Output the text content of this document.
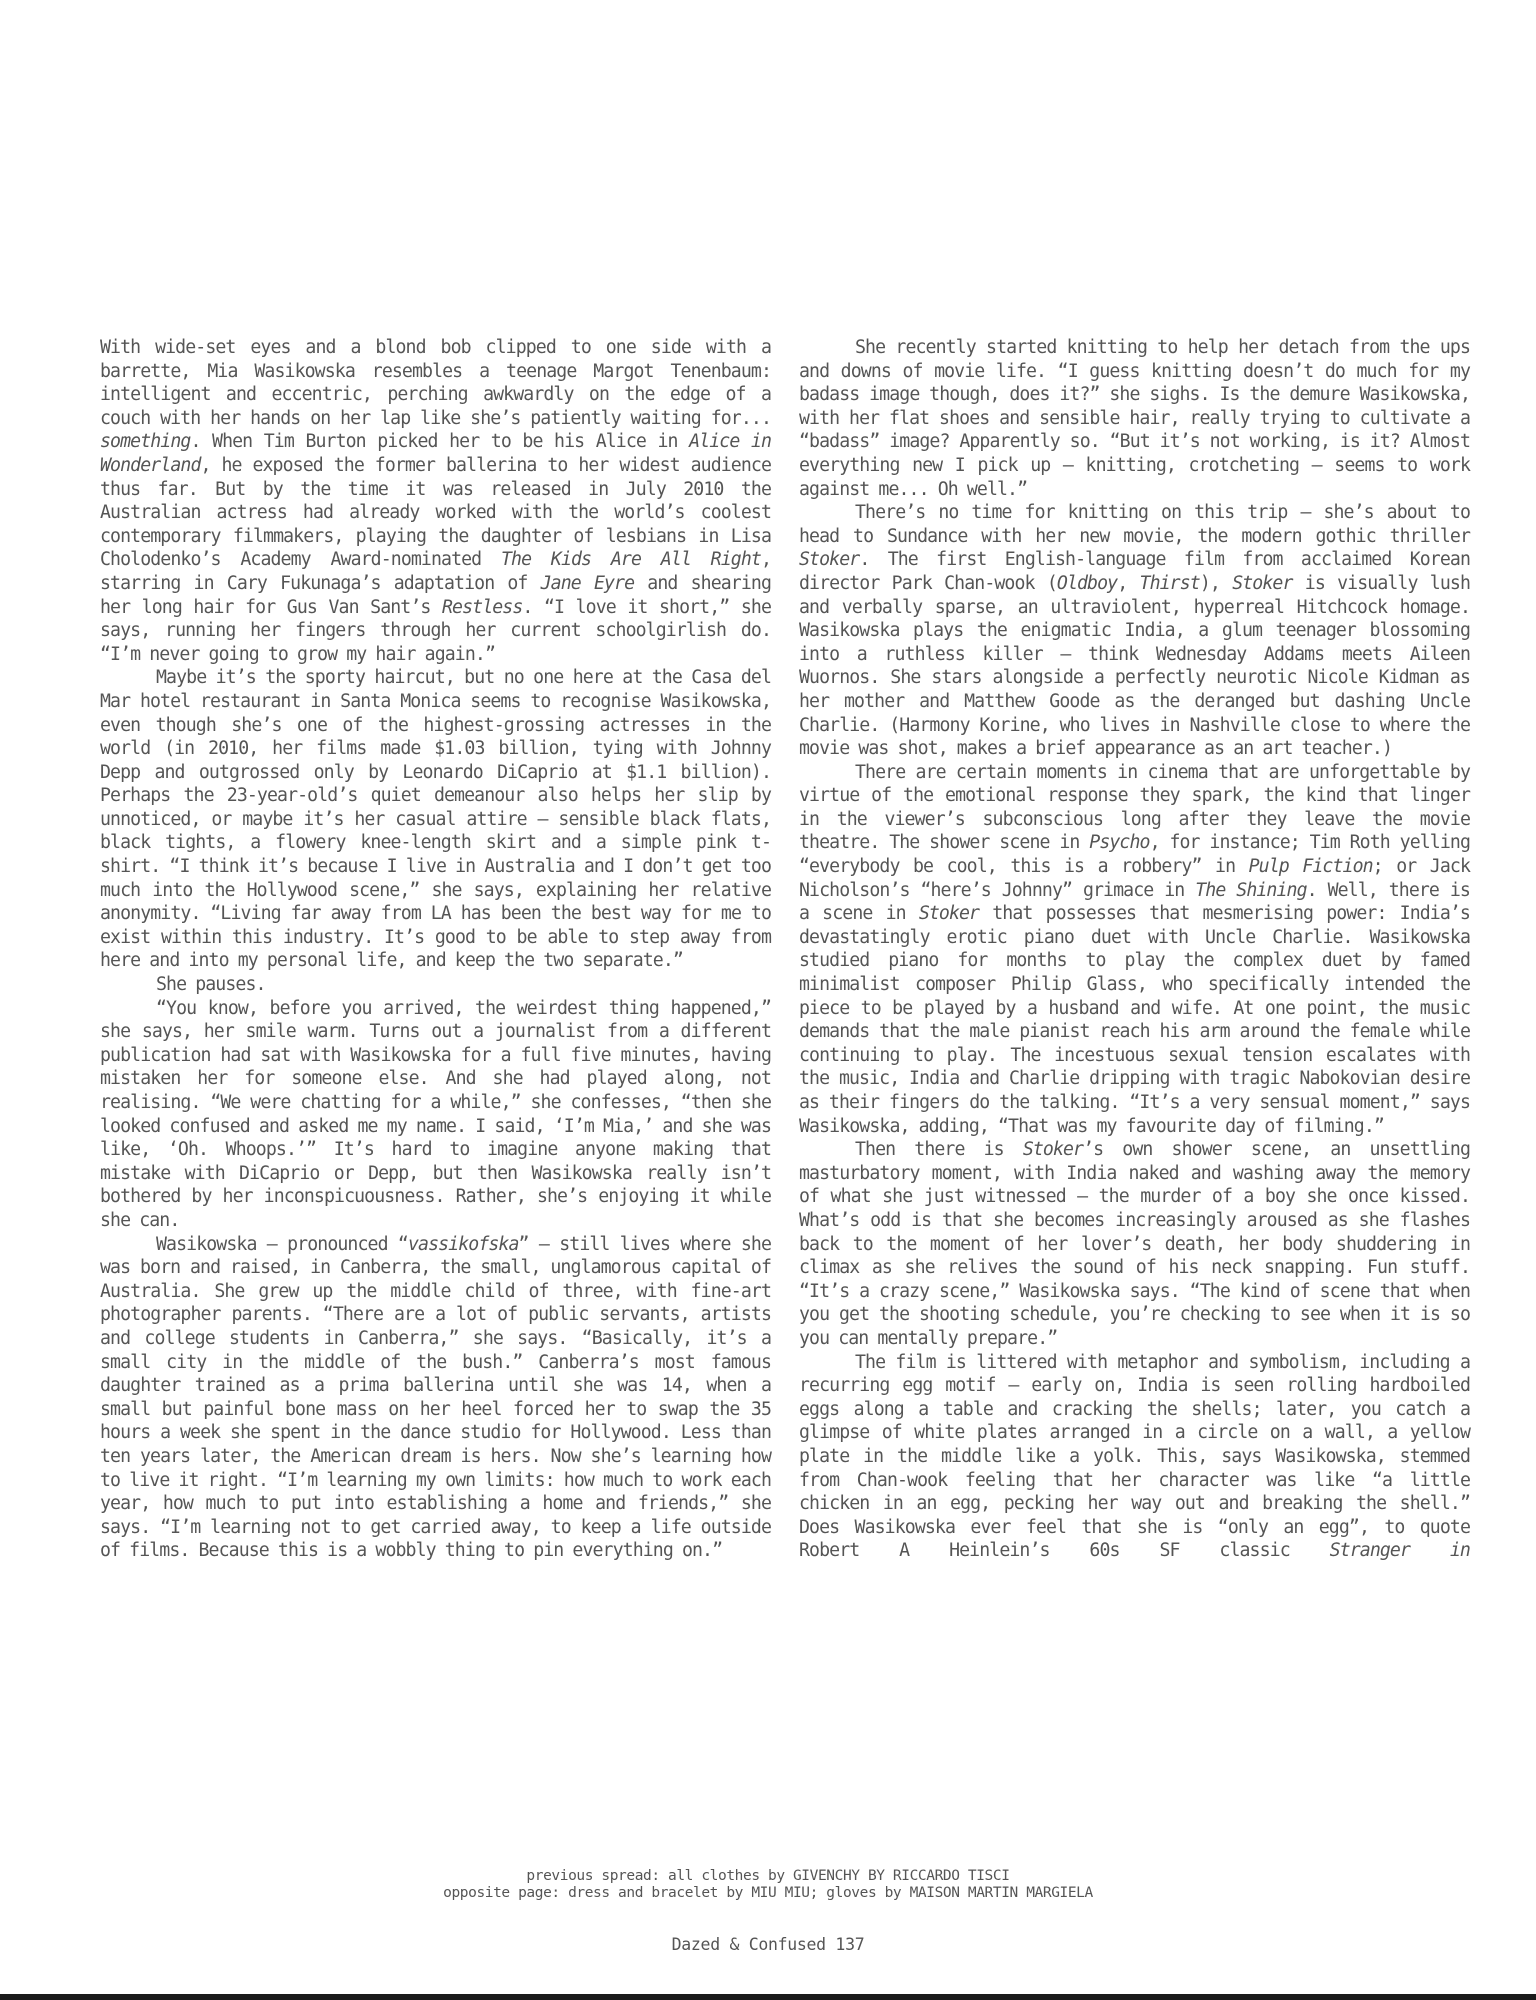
With wide-set eyes and a blond bob clipped to one side with a barrette, Mia Wasikowska resembles a teenage Margot Tenenbaum: intelligent and eccentric, perching awkwardly on the edge of a couch with her hands on her lap like she’s patiently waiting for... something. When Tim Burton picked her to be his Alice in Alice in Wonderland, he exposed the former ballerina to her widest audience thus far. But by the time it was released in July 2010 the Australian actress had already worked with the world’s coolest contemporary filmmakers, playing the daughter of lesbians in Lisa Cholodenko’s Academy Award-nominated The Kids Are All Right, starring in Cary Fukunaga’s adaptation of Jane Eyre and shearing her long hair for Gus Van Sant’s Restless. “I love it short,” she says, running her fingers through her current schoolgirlish do. “I’m never going to grow my hair again.”

Maybe it’s the sporty haircut, but no one here at the Casa del Mar hotel restaurant in Santa Monica seems to recognise Wasikowska, even though she’s one of the highest-grossing actresses in the world (in 2010, her films made $1.03 billion, tying with Johnny Depp and outgrossed only by Leonardo DiCaprio at $1.1 billion). Perhaps the 23-year-old’s quiet demeanour also helps her slip by unnoticed, or maybe it’s her casual attire – sensible black flats, black tights, a flowery knee-length skirt and a simple pink t-shirt. “I think it’s because I live in Australia and I don’t get too much into the Hollywood scene,” she says, explaining her relative anonymity. “Living far away from LA has been the best way for me to exist within this industry. It’s good to be able to step away from here and into my personal life, and keep the two separate.”

She pauses.

“You know, before you arrived, the weirdest thing happened,” she says, her smile warm. Turns out a journalist from a different publication had sat with Wasikowska for a full five minutes, having mistaken her for someone else. And she had played along, not realising. “We were chatting for a while,” she confesses, “then she looked confused and asked me my name. I said, ‘I’m Mia,’ and she was like, ‘Oh. Whoops.’” It’s hard to imagine anyone making that mistake with DiCaprio or Depp, but then Wasikowska really isn’t bothered by her inconspicuousness. Rather, she’s enjoying it while she can.

Wasikowska – pronounced “vassikofska” – still lives where she was born and raised, in Canberra, the small, unglamorous capital of Australia. She grew up the middle child of three, with fine-art photographer parents. “There are a lot of public servants, artists and college students in Canberra,” she says. “Basically, it’s a small city in the middle of the bush.” Canberra’s most famous daughter trained as a prima ballerina until she was 14, when a small but painful bone mass on her heel forced her to swap the 35 hours a week she spent in the dance studio for Hollywood. Less than ten years later, the American dream is hers. Now she’s learning how to live it right. “I’m learning my own limits: how much to work each year, how much to put into establishing a home and friends,” she says. “I’m learning not to get carried away, to keep a life outside of films. Because this is a wobbly thing to pin everything on.”

She recently started knitting to help her detach from the ups and downs of movie life. “I guess knitting doesn’t do much for my badass image though, does it?” she sighs. Is the demure Wasikowska, with her flat shoes and sensible hair, really trying to cultivate a “badass” image? Apparently so. “But it’s not working, is it? Almost everything new I pick up – knitting, crotcheting – seems to work against me... Oh well.”

There’s no time for knitting on this trip – she’s about to head to Sundance with her new movie, the modern gothic thriller Stoker. The first English-language film from acclaimed Korean director Park Chan-wook (Oldboy, Thirst), Stoker is visually lush and verbally sparse, an ultraviolent, hyperreal Hitchcock homage. Wasikowska plays the enigmatic India, a glum teenager blossoming into a ruthless killer – think Wednesday Addams meets Aileen Wuornos. She stars alongside a perfectly neurotic Nicole Kidman as her mother and Matthew Goode as the deranged but dashing Uncle Charlie. (Harmony Korine, who lives in Nashville close to where the movie was shot, makes a brief appearance as an art teacher.)

There are certain moments in cinema that are unforgettable by virtue of the emotional response they spark, the kind that linger in the viewer’s subconscious long after they leave the movie theatre. The shower scene in Psycho, for instance; Tim Roth yelling “everybody be cool, this is a robbery” in Pulp Fiction; or Jack Nicholson’s “here’s Johnny” grimace in The Shining. Well, there is a scene in Stoker that possesses that mesmerising power: India’s devastatingly erotic piano duet with Uncle Charlie. Wasikowska studied piano for months to play the complex duet by famed minimalist composer Philip Glass, who specifically intended the piece to be played by a husband and wife. At one point, the music demands that the male pianist reach his arm around the female while continuing to play. The incestuous sexual tension escalates with the music, India and Charlie dripping with tragic Nabokovian desire as their fingers do the talking. “It’s a very sensual moment,” says Wasikowska, adding, “That was my favourite day of filming.”

Then there is Stoker’s own shower scene, an unsettling masturbatory moment, with India naked and washing away the memory of what she just witnessed – the murder of a boy she once kissed. What’s odd is that she becomes increasingly aroused as she flashes back to the moment of her lover’s death, her body shuddering in climax as she relives the sound of his neck snapping. Fun stuff. “It’s a crazy scene,” Wasikowska says. “The kind of scene that when you get the shooting schedule, you’re checking to see when it is so you can mentally prepare.”

The film is littered with metaphor and symbolism, including a recurring egg motif – early on, India is seen rolling hardboiled eggs along a table and cracking the shells; later, you catch a glimpse of white plates arranged in a circle on a wall, a yellow plate in the middle like a yolk. This, says Wasikowska, stemmed from Chan-wook feeling that her character was like “a little chicken in an egg, pecking her way out and breaking the shell.” Does Wasikowska ever feel that she is “only an egg”, to quote Robert A Heinlein’s 60s SF classic Stranger in

previous spread: all clothes by GIVENCHY BY RICCARDO TISCI
opposite page: dress and bracelet by MIU MIU; gloves by MAISON MARTIN MARGIELA
Dazed & Confused 137
